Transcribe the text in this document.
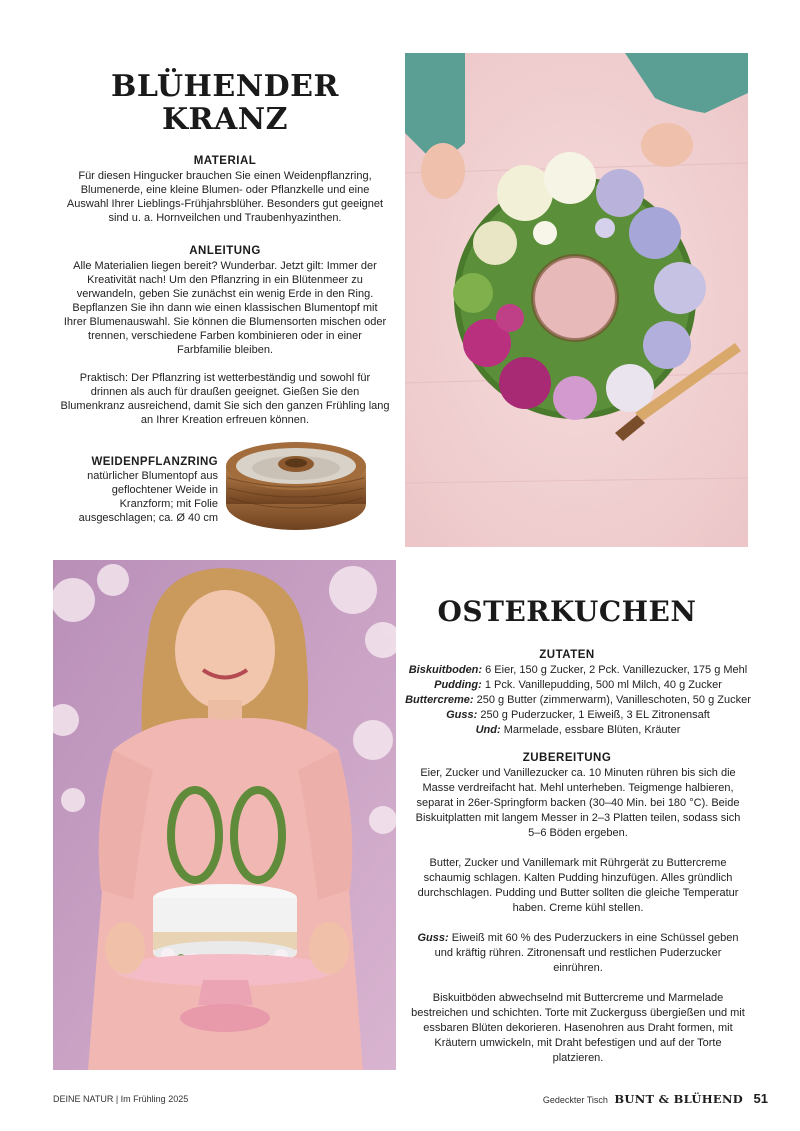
BLÜHENDER
KRANZ
MATERIAL
Für diesen Hingucker brauchen Sie einen Weidenpflanzring, Blumenerde, eine kleine Blumen- oder Pflanzkelle und eine Auswahl Ihrer Lieblings-Frühjahrsblüher. Besonders gut geeignet sind u. a. Hornveilchen und Traubenhyazinthen.
ANLEITUNG

Alle Materialien liegen bereit? Wunderbar. Jetzt gilt: Immer der Kreativität nach! Um den Pflanzring in ein Blütenmeer zu verwandeln, geben Sie zunächst ein wenig Erde in den Ring. Bepflanzen Sie ihn dann wie einen klassischen Blumentopf mit Ihrer Blumenauswahl. Sie können die Blumensorten mischen oder trennen, verschiedene Farben kombinieren oder in einer Farbfamilie bleiben.

Praktisch: Der Pflanzring ist wetterbeständig und sowohl für drinnen als auch für draußen geeignet. Gießen Sie den Blumenkranz ausreichend, damit Sie sich den ganzen Frühling lang an Ihrer Kreation erfreuen können.

WEIDENPFLANZRING
natürlicher Blumentopf aus geflochtener Weide in Kranzform; mit Folie ausgeschlagen; ca. Ø 40 cm
OSTERKUCHEN
ZUTATEN
Biskuitboden: 6 Eier, 150 g Zucker, 2 Pck. Vanillezucker, 175 g Mehl
Pudding: 1 Pck. Vanillepudding, 500 ml Milch, 40 g Zucker
Buttercreme: 250 g Butter (zimmerwarm), Vanilleschoten, 50 g Zucker
Guss: 250 g Puderzucker, 1 Eiweiß, 3 EL Zitronensaft
Und: Marmelade, essbare Blüten, Kräuter
ZUBEREITUNG

Eier, Zucker und Vanillezucker ca. 10 Minuten rühren bis sich die Masse verdreifacht hat. Mehl unterheben. Teigmenge halbieren, separat in 26er-Springform backen (30–40 Min. bei 180 °C). Beide Biskuitplatten mit langem Messer in 2–3 Platten teilen, sodass sich 5–6 Böden ergeben.

Butter, Zucker und Vanillemark mit Rührgerät zu Buttercreme schaumig schlagen. Kalten Pudding hinzufügen. Alles gründlich durchschlagen. Pudding und Butter sollten die gleiche Temperatur haben. Creme kühl stellen.

Guss: Eiweiß mit 60 % des Puderzuckers in eine Schüssel geben und kräftig rühren. Zitronensaft und restlichen Puderzucker einrühren.

Biskuitböden abwechselnd mit Buttercreme und Marmelade bestreichen und schichten. Torte mit Zuckerguss übergießen und mit essbaren Blüten dekorieren. Hasenohren aus Draht formen, mit Kräutern umwickeln, mit Draht befestigen und auf der Torte platzieren.

DEINE NATUR | Im Frühling 2025	Gedeckter Tisch BUNT & BLÜHEND 51
